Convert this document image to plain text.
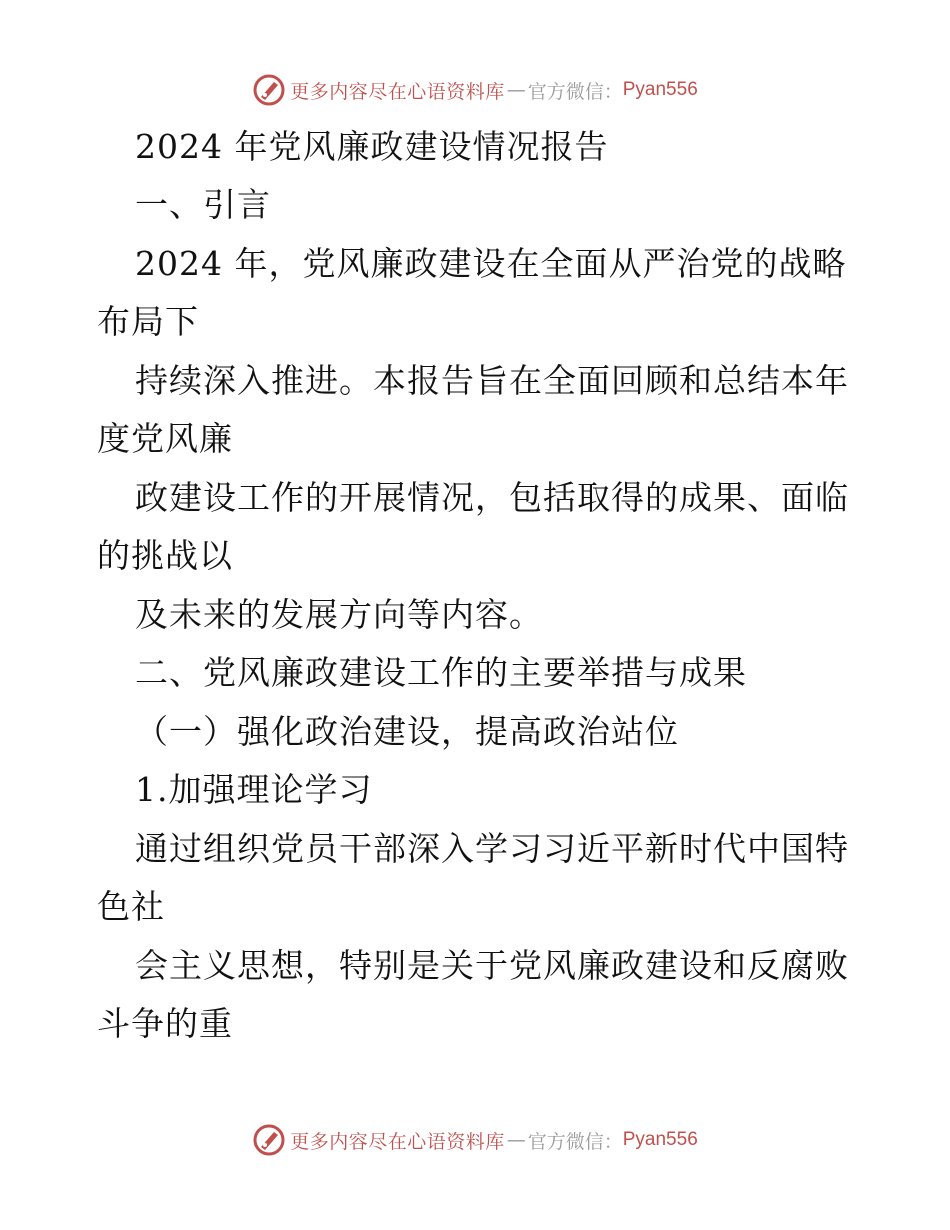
更多内容尽在心语资料库 — 官方微信： Pyan556
2024 年党风廉政建设情况报告
一、引言
2024 年，党风廉政建设在全面从严治党的战略
布局下
持续深入推进。本报告旨在全面回顾和总结本年
度党风廉
政建设工作的开展情况，包括取得的成果、面临
的挑战以
及未来的发展方向等内容。
二、党风廉政建设工作的主要举措与成果
（一）强化政治建设，提高政治站位
1.加强理论学习
通过组织党员干部深入学习习近平新时代中国特
色社
会主义思想，特别是关于党风廉政建设和反腐败
斗争的重
更多内容尽在心语资料库 — 官方微信： Pyan556
